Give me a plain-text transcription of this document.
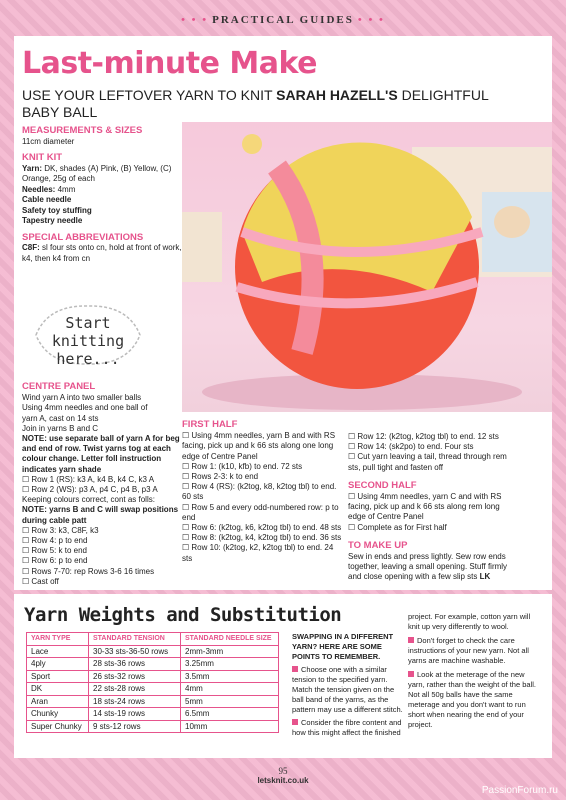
• • • PRACTICAL GUIDES • • •
Last-minute Make
USE YOUR LEFTOVER YARN TO KNIT SARAH HAZELL'S DELIGHTFUL BABY BALL
MEASUREMENTS & SIZES
11cm diameter
KNIT KIT
Yarn: DK, shades (A) Pink, (B) Yellow, (C) Orange, 25g of each
Needles: 4mm
Cable needle
Safety toy stuffing
Tapestry needle
SPECIAL ABBREVIATIONS
C8F: sl four sts onto cn, hold at front of work, k4, then k4 from cn
Start
knitting here...
CENTRE PANEL
Wind yarn A into two smaller balls
Using 4mm needles and one ball of
yarn A, cast on 14 sts
Join in yarns B and C
NOTE: use separate ball of yarn A for beg and end of row. Twist yarns tog at each colour change. Letter foll instruction indicates yarn shade
☐ Row 1 (RS): k3 A, k4 B, k4 C, k3 A
☐ Row 2 (WS): p3 A, p4 C, p4 B, p3 A
Keeping colours correct, cont as folls:
NOTE: yarns B and C will swap positions during cable patt
☐ Row 3: k3, C8F, k3
☐ Row 4: p to end
☐ Row 5: k to end
☐ Row 6: p to end
☐ Rows 7-70: rep Rows 3-6 16 times
☐ Cast off
FIRST HALF
☐ Using 4mm needles, yarn B and with RS facing, pick up and k 66 sts along one long edge of Centre Panel
☐ Row 1: (k10, kfb) to end. 72 sts
☐ Rows 2-3: k to end
☐ Row 4 (RS): (k2tog, k8, k2tog tbl) to end. 60 sts
☐ Row 5 and every odd-numbered row: p to end
☐ Row 6: (k2tog, k6, k2tog tbl) to end. 48 sts
☐ Row 8: (k2tog, k4, k2tog tbl) to end. 36 sts
☐ Row 10: (k2tog, k2, k2tog tbl) to end. 24 sts
☐ Row 12: (k2tog, k2tog tbl) to end. 12 sts
☐ Row 14: (sk2po) to end. Four sts
☐ Cut yarn leaving a tail, thread through rem sts, pull tight and fasten off
SECOND HALF
☐ Using 4mm needles, yarn C and with RS facing, pick up and k 66 sts along rem long edge of Centre Panel
☐ Complete as for First half
TO MAKE UP
Sew in ends and press lightly. Sew row ends together, leaving a small opening. Stuff firmly and close opening with a few slip sts LK
Yarn Weights and Substitution
YARN TYPE	STANDARD TENSION	STANDARD NEEDLE SIZE
Lace	30-33 sts-36-50 rows	2mm-3mm
4ply	28 sts-36 rows	3.25mm
Sport	26 sts-32 rows	3.5mm
DK	22 sts-28 rows	4mm
Aran	18 sts-24 rows	5mm
Chunky	14 sts-19 rows	6.5mm
Super Chunky	9 sts-12 rows	10mm
SWAPPING IN A DIFFERENT YARN? HERE ARE SOME POINTS TO REMEMBER.
Choose one with a similar tension to the specified yarn. Match the tension given on the ball band of the yarns, as the pattern may use a different stitch.
Consider the fibre content and how this might affect the finished
project. For example, cotton yarn will knit up very differently to wool.
Don't forget to check the care instructions of your new yarn. Not all yarns are machine washable.
Look at the meterage of the new yarn, rather than the weight of the ball. Not all 50g balls have the same meterage and you don't want to run short when nearing the end of your project.
95
letsknit.co.uk
PassionForum.ru
